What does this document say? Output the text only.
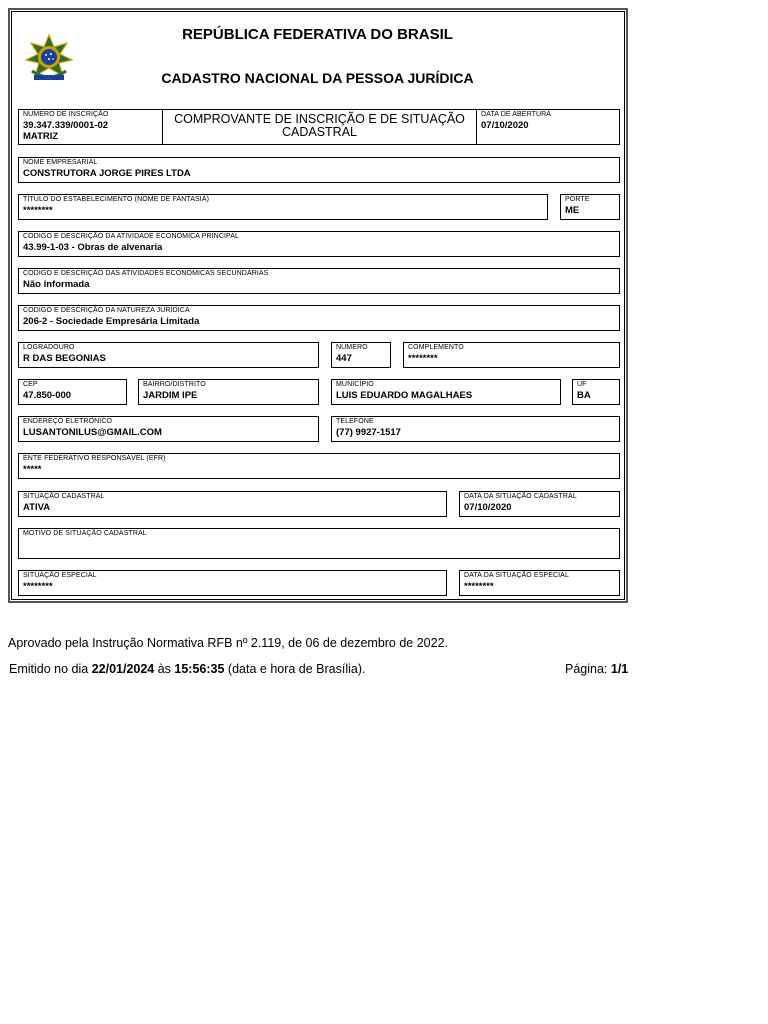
REPÚBLICA FEDERATIVA DO BRASIL
CADASTRO NACIONAL DA PESSOA JURÍDICA
NÚMERO DE INSCRIÇÃO
39.347.339/0001-02
MATRIZ
COMPROVANTE DE INSCRIÇÃO E DE SITUAÇÃO
CADASTRAL
DATA DE ABERTURA
07/10/2020
NOME EMPRESARIAL
CONSTRUTORA JORGE PIRES LTDA
TÍTULO DO ESTABELECIMENTO (NOME DE FANTASIA)
********
PORTE
ME
CÓDIGO E DESCRIÇÃO DA ATIVIDADE ECONÔMICA PRINCIPAL
43.99-1-03 - Obras de alvenaria
CÓDIGO E DESCRIÇÃO DAS ATIVIDADES ECONÔMICAS SECUNDÁRIAS
Não informada
CÓDIGO E DESCRIÇÃO DA NATUREZA JURÍDICA
206-2 - Sociedade Empresária Limitada
LOGRADOURO
R DAS BEGONIAS
NÚMERO
447
COMPLEMENTO
********
CEP
47.850-000
BAIRRO/DISTRITO
JARDIM IPE
MUNICÍPIO
LUIS EDUARDO MAGALHAES
UF
BA
ENDEREÇO ELETRÔNICO
LUSANTONILUS@GMAIL.COM
TELEFONE
(77) 9927-1517
ENTE FEDERATIVO RESPONSÁVEL (EFR)
*****
SITUAÇÃO CADASTRAL
ATIVA
DATA DA SITUAÇÃO CADASTRAL
07/10/2020
MOTIVO DE SITUAÇÃO CADASTRAL
SITUAÇÃO ESPECIAL
********
DATA DA SITUAÇÃO ESPECIAL
********
Aprovado pela Instrução Normativa RFB nº 2.119, de 06 de dezembro de 2022.
Emitido no dia 22/01/2024 às 15:56:35 (data e hora de Brasília).	Página: 1/1
